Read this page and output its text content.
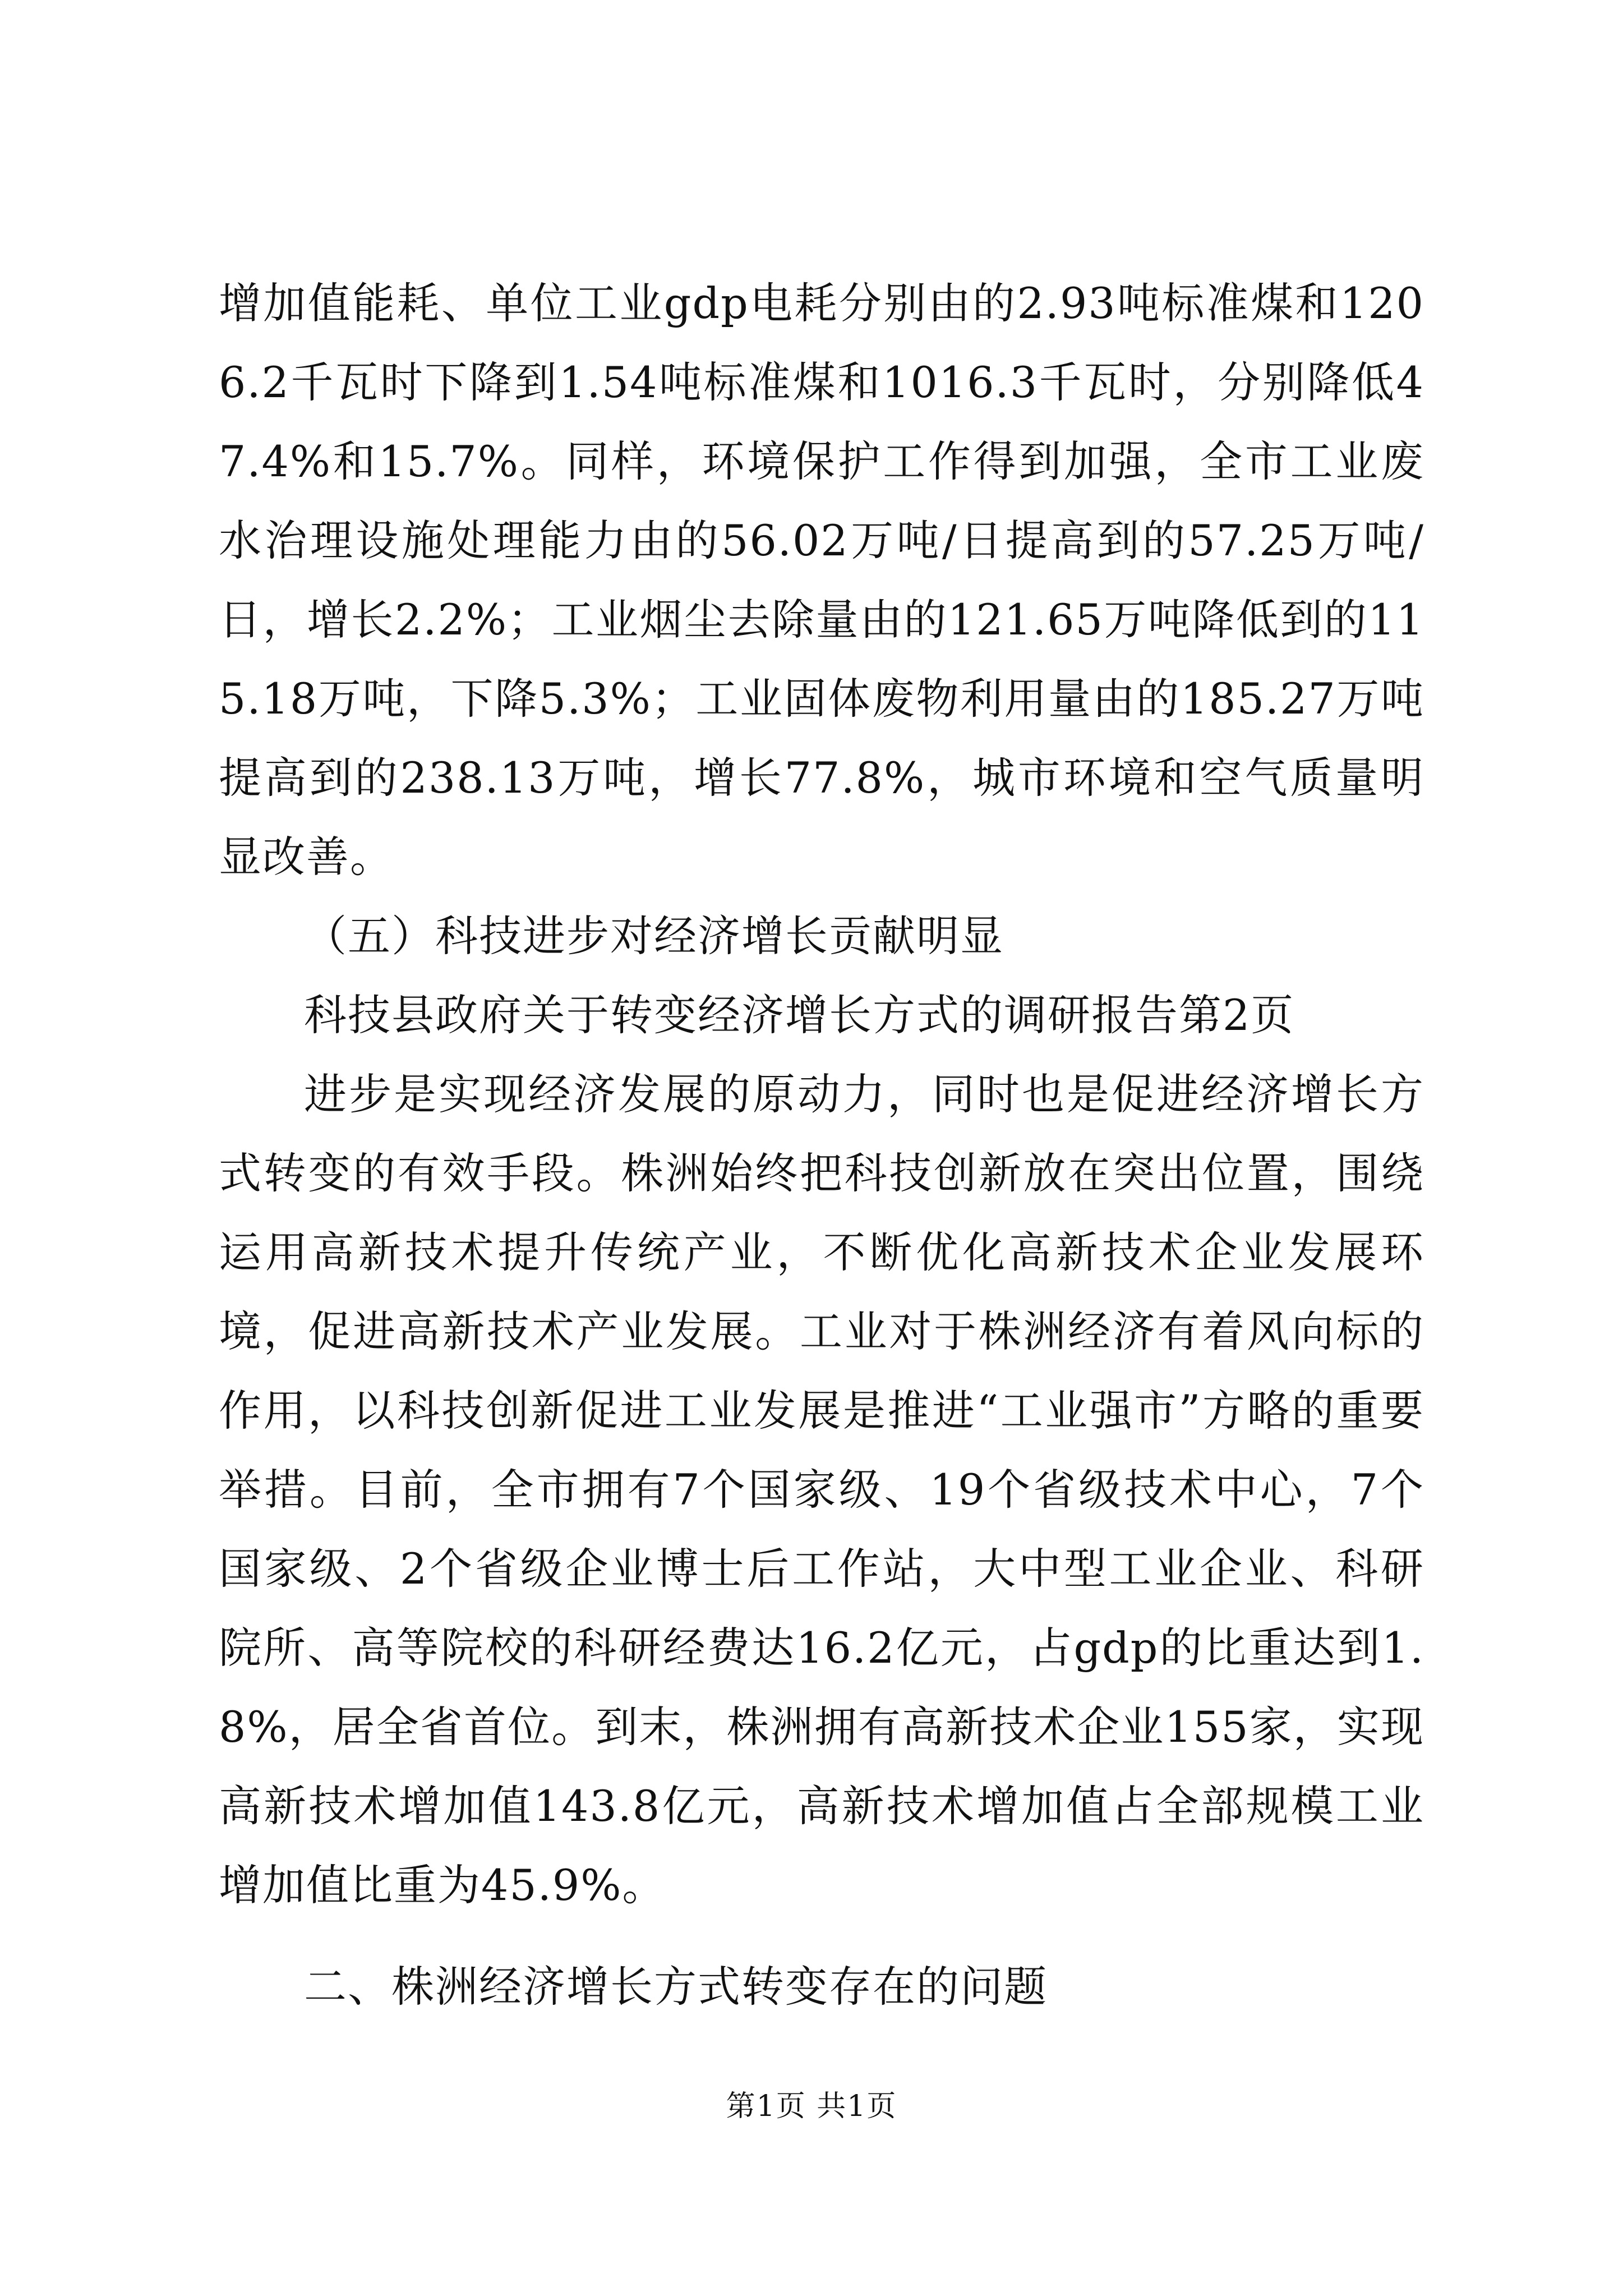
增加值能耗、单位工业gdp电耗分别由的2.93吨标准煤和1206.2千瓦时下降到1.54吨标准煤和1016.3千瓦时，分别降低47.4%和15.7%。同样，环境保护工作得到加强，全市工业废水治理设施处理能力由的56.02万吨/日提高到的57.25万吨/日，增长2.2%；工业烟尘去除量由的121.65万吨降低到的115.18万吨，下降5.3%；工业固体废物利用量由的185.27万吨提高到的238.13万吨，增长77.8%，城市环境和空气质量明显改善。

（五）科技进步对经济增长贡献明显

科技县政府关于转变经济增长方式的调研报告第2页

进步是实现经济发展的原动力，同时也是促进经济增长方式转变的有效手段。株洲始终把科技创新放在突出位置，围绕运用高新技术提升传统产业，不断优化高新技术企业发展环境，促进高新技术产业发展。工业对于株洲经济有着风向标的作用，以科技创新促进工业发展是推进“工业强市”方略的重要举措。目前，全市拥有7个国家级、19个省级技术中心，7个国家级、2个省级企业博士后工作站，大中型工业企业、科研院所、高等院校的科研经费达16.2亿元，占gdp的比重达到1.8%，居全省首位。到末，株洲拥有高新技术企业155家，实现高新技术增加值143.8亿元，高新技术增加值占全部规模工业增加值比重为45.9%。

二、株洲经济增长方式转变存在的问题

第1页 共1页
